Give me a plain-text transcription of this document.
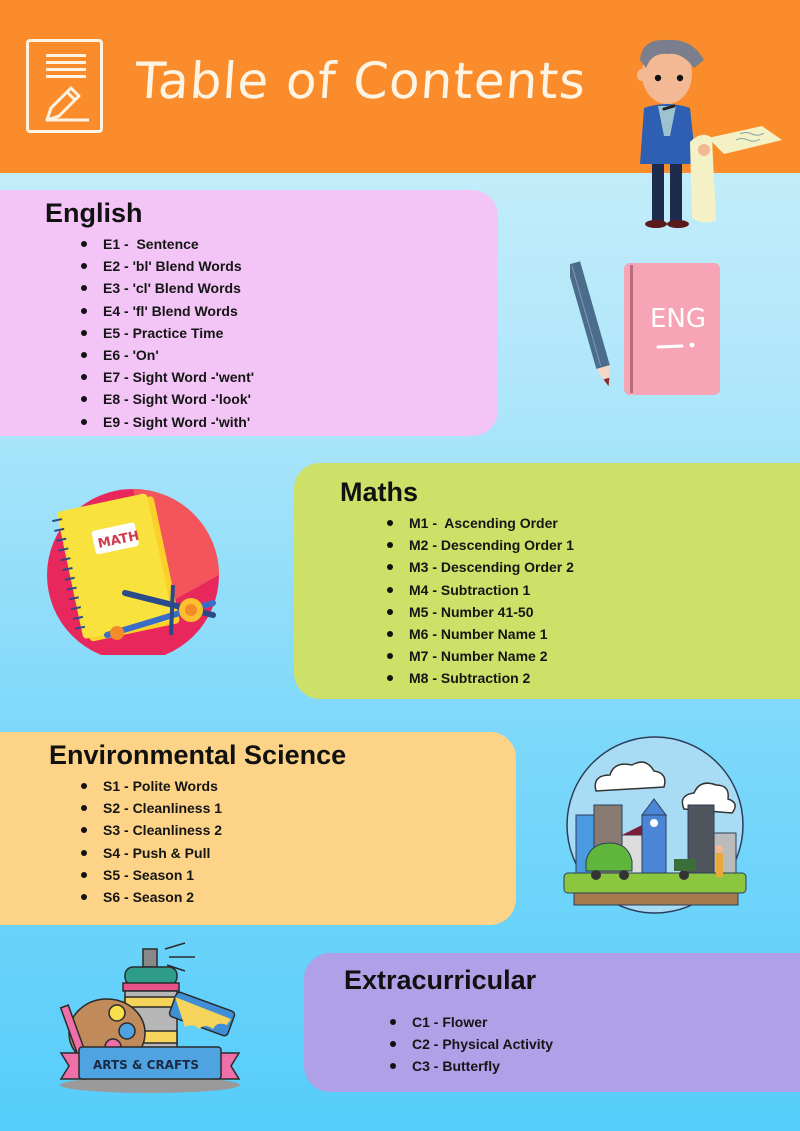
Table of Contents
English
E1 -  Sentence
E2 - 'bl' Blend Words
E3 - 'cl' Blend Words
E4 - 'fl' Blend Words
E5 - Practice Time
E6 - 'On'
E7 - Sight Word -'went'
E8 - Sight Word -'look'
E9 - Sight Word -'with'
ENG
MATH
Maths
M1 -  Ascending Order
M2 - Descending Order 1
M3 - Descending Order 2
M4 - Subtraction 1
M5 - Number 41-50
M6 - Number Name 1
M7 - Number Name 2
M8 - Subtraction 2
Environmental Science
S1 - Polite Words
S2 - Cleanliness 1
S3 - Cleanliness 2
S4 - Push & Pull
S5 - Season 1
S6 - Season 2
ARTS & CRAFTS
Extracurricular
C1 - Flower
C2 - Physical Activity
C3 - Butterfly
